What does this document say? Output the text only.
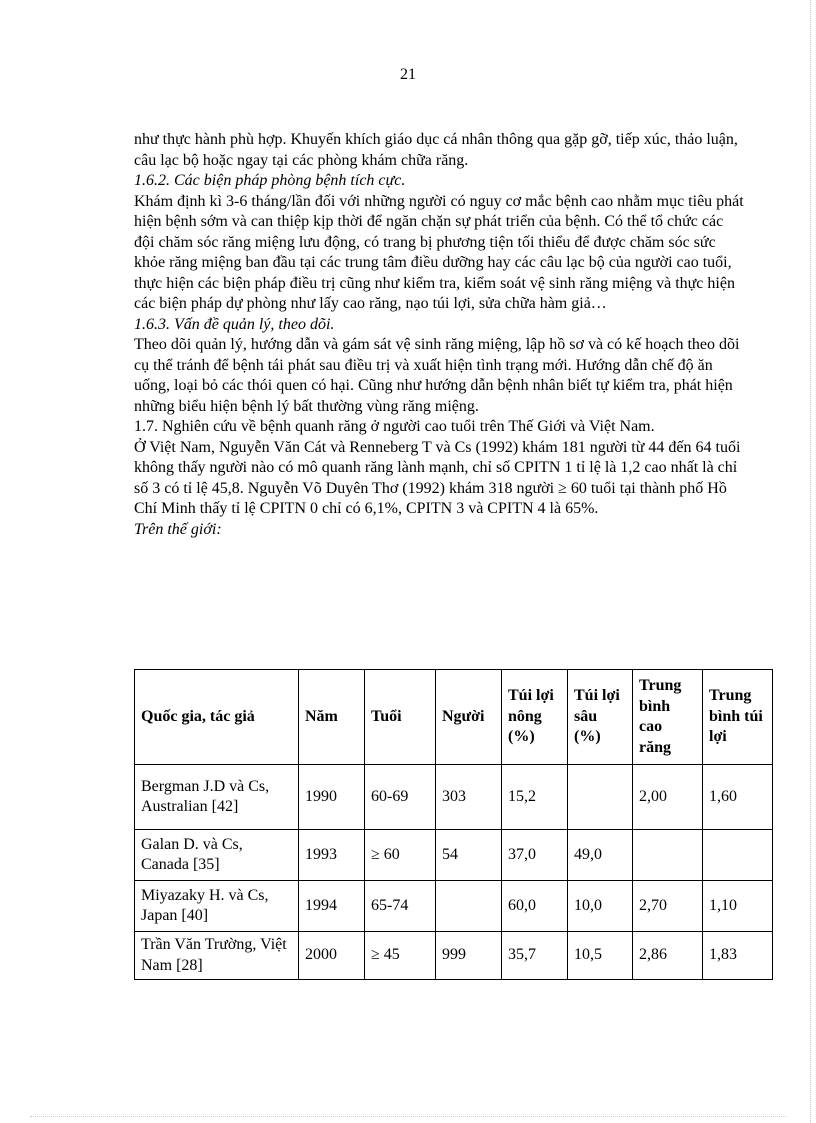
21

như thực hành phù hợp. Khuyến khích giáo dục cá nhân thông qua gặp gỡ, tiếp xúc, thảo luận, câu lạc bộ hoặc ngay tại các phòng khám chữa răng.

1.6.2. Các biện pháp phòng bệnh tích cực.

Khám định kì 3-6 tháng/lần đối với những người có nguy cơ mắc bệnh cao nhằm mục tiêu phát hiện bệnh sớm và can thiệp kịp thời để ngăn chặn sự phát triển của bệnh. Có thể tổ chức các đội chăm sóc răng miệng lưu động, có trang bị phương tiện tối thiểu để được chăm sóc sức khỏe răng miệng ban đầu tại các trung tâm điều dưỡng hay các câu lạc bộ của người cao tuổi, thực hiện các biện pháp điều trị cũng như kiểm tra, kiểm soát vệ sinh răng miệng và thực hiện các biện pháp dự phòng như lấy cao răng, nạo túi lợi, sửa chữa hàm giả…

1.6.3. Vấn đề quản lý, theo dõi.

Theo dõi quản lý, hướng dẫn và gám sát vệ sinh răng miệng, lập hồ sơ và có kế hoạch theo dõi cụ thể tránh để bệnh tái phát sau điều trị và xuất hiện tình trạng mới. Hướng dẫn chế độ ăn uống, loại bỏ các thói quen có hại. Cũng như hướng dẫn bệnh nhân biết tự kiểm tra, phát hiện những biểu hiện bệnh lý bất thường vùng răng miệng.

1.7. Nghiên cứu về bệnh quanh răng ở người cao tuổi trên Thế Giới và Việt Nam.

Ở Việt Nam, Nguyễn Văn Cát và Renneberg T và Cs (1992) khám 181 người từ 44 đến 64 tuổi không thấy người nào có mô quanh răng lành mạnh, chỉ số CPITN 1 tỉ lệ là 1,2 cao nhất là chỉ số 3 có tỉ lệ 45,8. Nguyễn Võ Duyên Thơ (1992) khám 318 người ≥ 60 tuổi tại thành phố Hồ Chí Minh thấy tỉ lệ CPITN 0 chỉ có 6,1%, CPITN 3 và CPITN 4 là 65%.

Trên thế giới:

Quốc gia, tác giả	Năm	Tuổi	Người	Túi lợi nông (%)	Túi lợi sâu (%)	Trung bình cao răng	Trung bình túi lợi
Bergman J.D và Cs, Australian [42]	1990	60-69	303	15,2		2,00	1,60
Galan D. và Cs, Canada [35]	1993	≥ 60	54	37,0	49,0		
Miyazaky H. và Cs, Japan [40]	1994	65-74		60,0	10,0	2,70	1,10
Trần Văn Trường, Việt Nam [28]	2000	≥ 45	999	35,7	10,5	2,86	1,83
